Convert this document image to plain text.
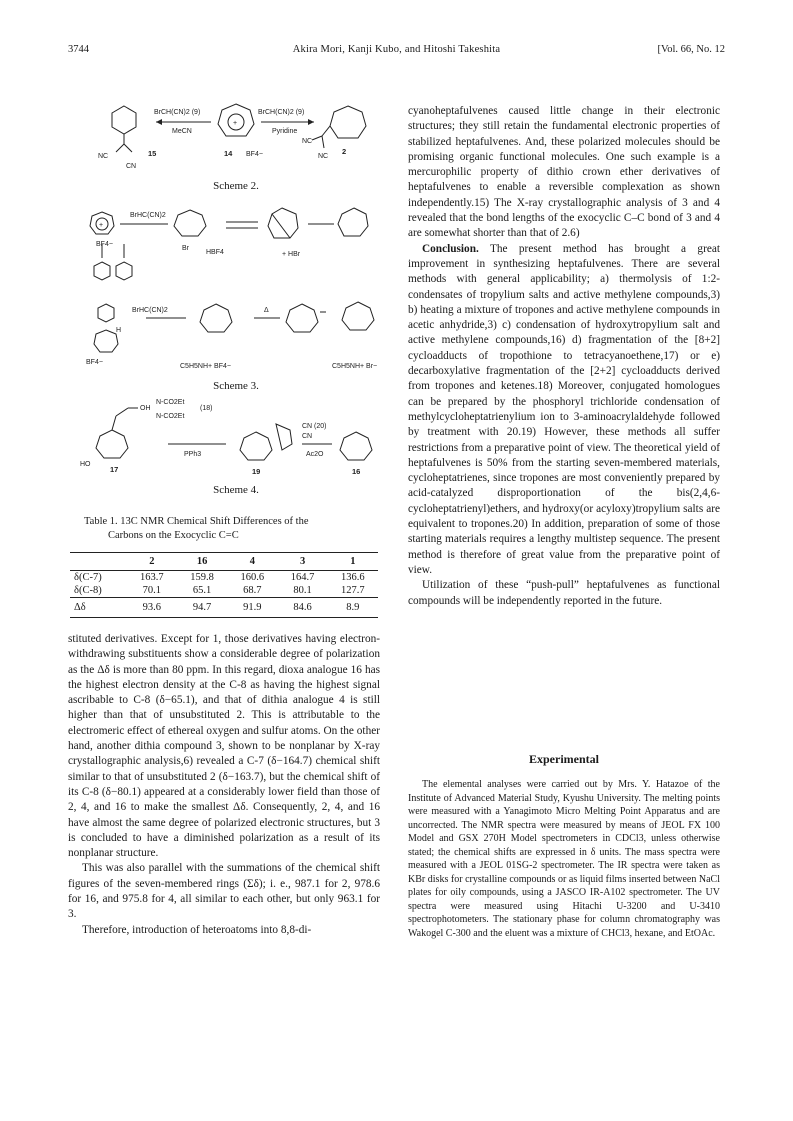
3744	Akira Mori, Kanji Kubo, and Hitoshi Takeshita	[Vol. 66, No. 12
NC
CN
15
BrCH(CN)2 (9)
MeCN
+
14 BF4−
BrCH(CN)2 (9)
Pyridine
NC
NC
2
Scheme 2.
+
BF4−
BrHC(CN)2
Br
HBF4	+ HBr
BrHC(CN)2
H
BF4−
Δ
C5H5NH+ BF4−	C5H5NH+ Br−
Scheme 3.
OH
N-CO2Et
N-CO2Et
(18)
HO
17
PPh3
19
CN (20)
CN
Ac2O
16
Scheme 4.
Table 1. 13C NMR Chemical Shift Differences of the
Carbons on the Exocyclic C=C
	2	16	4	3	1
δ(C-7)	163.7	159.8	160.6	164.7	136.6
δ(C-8)	70.1	65.1	68.7	80.1	127.7
Δδ	93.6	94.7	91.9	84.6	8.9

stituted derivatives. Except for 1, those derivatives having electron-withdrawing substituents show a considerable degree of polarization as the Δδ is more than 80 ppm. In this regard, dioxa analogue 16 has the highest electron density at the C-8 as having the highest signal ascribable to C-8 (δ−65.1), and that of dithia analogue 4 is still higher than that of unsubstituted 2. This is attributable to the electromeric effect of ethereal oxygen and sulfur atoms. On the other hand, another dithia compound 3, shown to be nonplanar by X-ray crystallographic analysis,6) revealed a C-7 (δ−164.7) chemical shift similar to that of unsubstituted 2 (δ−163.7), but the chemical shift of its C-8 (δ−80.1) appeared at a considerably lower field than those of 2, 4, and 16 to make the smallest Δδ. Consequently, 2, 4, and 16 have almost the same degree of polarized electronic structures, but 3 is concluded to have a diminished polarization as a result of its nonplanar structure.

This was also parallel with the summations of the chemical shift figures of the seven-membered rings (Σδ); i. e., 987.1 for 2, 978.6 for 16, and 975.8 for 4, all similar to each other, but only 963.1 for 3.

Therefore, introduction of heteroatoms into 8,8-di-

cyanoheptafulvenes caused little change in their electronic structures; they still retain the fundamental electronic properties of stabilized heptafulvenes. And, these polarized molecules should be promising organic functional molecules. One such example is a mercurophilic property of dithio crown ether derivatives of heptafulvenes to enable a reversible complexation as shown independently.15) The X-ray crystallographic analysis of 3 and 4 revealed that the bond lengths of the exocyclic C–C bond of 3 and 4 are somewhat shorter than that of 2.6)

Conclusion. The present method has brought a great improvement in synthesizing heptafulvenes. There are several methods with general applicability; a) thermolysis of 1:2-condensates of tropylium salts and active methylene compounds,3) b) heating a mixture of tropones and active methylene compounds in acetic anhydride,3) c) condensation of hydroxytropylium salt and active methylene compounds,16) d) fragmentation of the [8+2] cycloadducts of tropothione to tetracyanoethene,17) or e) decarboxylative fragmentation of the [2+2] cycloadducts derived from tropones and ketenes.18) Moreover, conjugated homologues can be prepared by the phosphoryl trichloride condensation of methylcycloheptatrienylium ion to 3-aminoacrylaldehyde followed by treatment with 20.19) However, these methods all suffer restrictions from a preparative point of view. The theoretical yield of heptafulvenes is 50% from the starting seven-membered materials, cycloheptatrienes, since tropones are most conveniently prepared by acid-catalyzed disproportionation of the bis(2,4,6-cycloheptatrienyl)ethers, and hydroxy(or acyloxy)tropylium salts are equivalent to tropones.20) In addition, preparation of some of those starting materials requires a lengthy multistep sequence. The present method is therefore of great value from the preparative point of view.

Utilization of these “push-pull” heptafulvenes as functional compounds will be independently reported in the future.

Experimental
The elemental analyses were carried out by Mrs. Y. Hatazoe of the Institute of Advanced Material Study, Kyushu University. The melting points were measured with a Yanagimoto Micro Melting Point Apparatus and are uncorrected. The NMR spectra were measured by means of JEOL FX 100 Model and GSX 270H Model spectrometers in CDCl3, unless otherwise stated; the chemical shifts are expressed in δ units. The mass spectra were measured with a JEOL 01SG-2 spectrometer. The IR spectra were taken as KBr disks for crystalline compounds or as liquid films inserted between NaCl plates for oily compounds, using a JASCO IR-A102 spectrometer. The UV spectra were measured using Hitachi U-3200 and U-3410 spectrophotometers. The stationary phase for column chromatography was Wakogel C-300 and the eluent was a mixture of CHCl3, hexane, and EtOAc.
